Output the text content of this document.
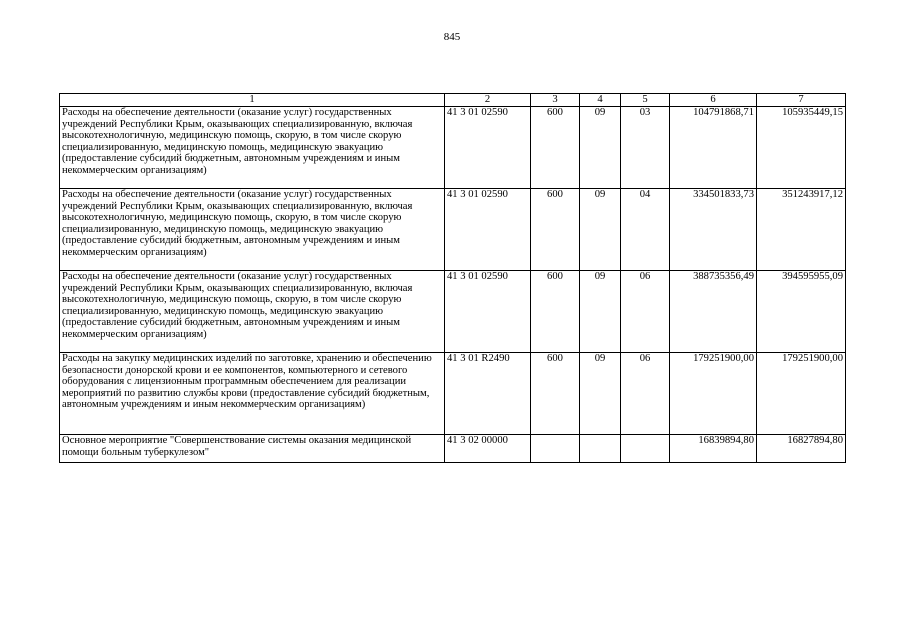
845
1	2	3	4	5	6	7
Расходы на обеспечение деятельности (оказание услуг) государственных учреждений Республики Крым, оказывающих специализированную, включая высокотехнологичную, медицинскую помощь, скорую, в том числе скорую специализированную, медицинскую помощь, медицинскую эвакуацию (предоставление субсидий бюджетным, автономным учреждениям и иным некоммерческим организациям)	41 3 01 02590	600	09	03	104791868,71	105935449,15
Расходы на обеспечение деятельности (оказание услуг) государственных учреждений Республики Крым, оказывающих специализированную, включая высокотехнологичную, медицинскую помощь, скорую, в том числе скорую специализированную, медицинскую помощь, медицинскую эвакуацию (предоставление субсидий бюджетным, автономным учреждениям и иным некоммерческим организациям)	41 3 01 02590	600	09	04	334501833,73	351243917,12
Расходы на обеспечение деятельности (оказание услуг) государственных учреждений Республики Крым, оказывающих специализированную, включая высокотехнологичную, медицинскую помощь, скорую, в том числе скорую специализированную, медицинскую помощь, медицинскую эвакуацию (предоставление субсидий бюджетным, автономным учреждениям и иным некоммерческим организациям)	41 3 01 02590	600	09	06	388735356,49	394595955,09
Расходы на закупку медицинских изделий по заготовке, хранению и обеспечению безопасности донорской крови и ее компонентов, компьютерного и сетевого оборудования с лицензионным программным обеспечением для реализации мероприятий по развитию службы крови (предоставление субсидий бюджетным, автономным учреждениям и иным некоммерческим организациям)	41 3 01 R2490	600	09	06	179251900,00	179251900,00
Основное мероприятие "Совершенствование системы оказания медицинской помощи больным туберкулезом"	41 3 02 00000				16839894,80	16827894,80
